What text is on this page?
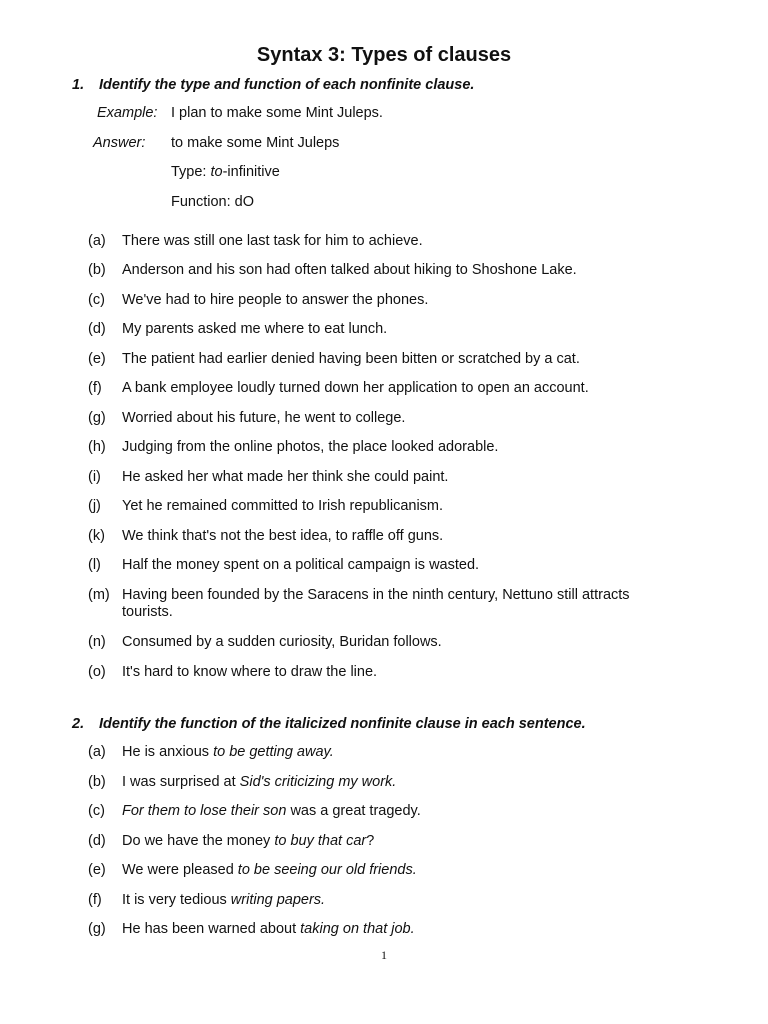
Syntax 3: Types of clauses
1. Identify the type and function of each nonfinite clause.
Example: I plan to make some Mint Juleps.
Answer: to make some Mint Juleps
Type: to-infinitive
Function: dO
(a) There was still one last task for him to achieve.
(b) Anderson and his son had often talked about hiking to Shoshone Lake.
(c) We've had to hire people to answer the phones.
(d) My parents asked me where to eat lunch.
(e) The patient had earlier denied having been bitten or scratched by a cat.
(f) A bank employee loudly turned down her application to open an account.
(g) Worried about his future, he went to college.
(h) Judging from the online photos, the place looked adorable.
(i) He asked her what made her think she could paint.
(j) Yet he remained committed to Irish republicanism.
(k) We think that's not the best idea, to raffle off guns.
(l) Half the money spent on a political campaign is wasted.
(m) Having been founded by the Saracens in the ninth century, Nettuno still attracts tourists.
(n) Consumed by a sudden curiosity, Buridan follows.
(o) It's hard to know where to draw the line.
2. Identify the function of the italicized nonfinite clause in each sentence.
(a) He is anxious to be getting away.
(b) I was surprised at Sid's criticizing my work.
(c) For them to lose their son was a great tragedy.
(d) Do we have the money to buy that car?
(e) We were pleased to be seeing our old friends.
(f) It is very tedious writing papers.
(g) He has been warned about taking on that job.
1
